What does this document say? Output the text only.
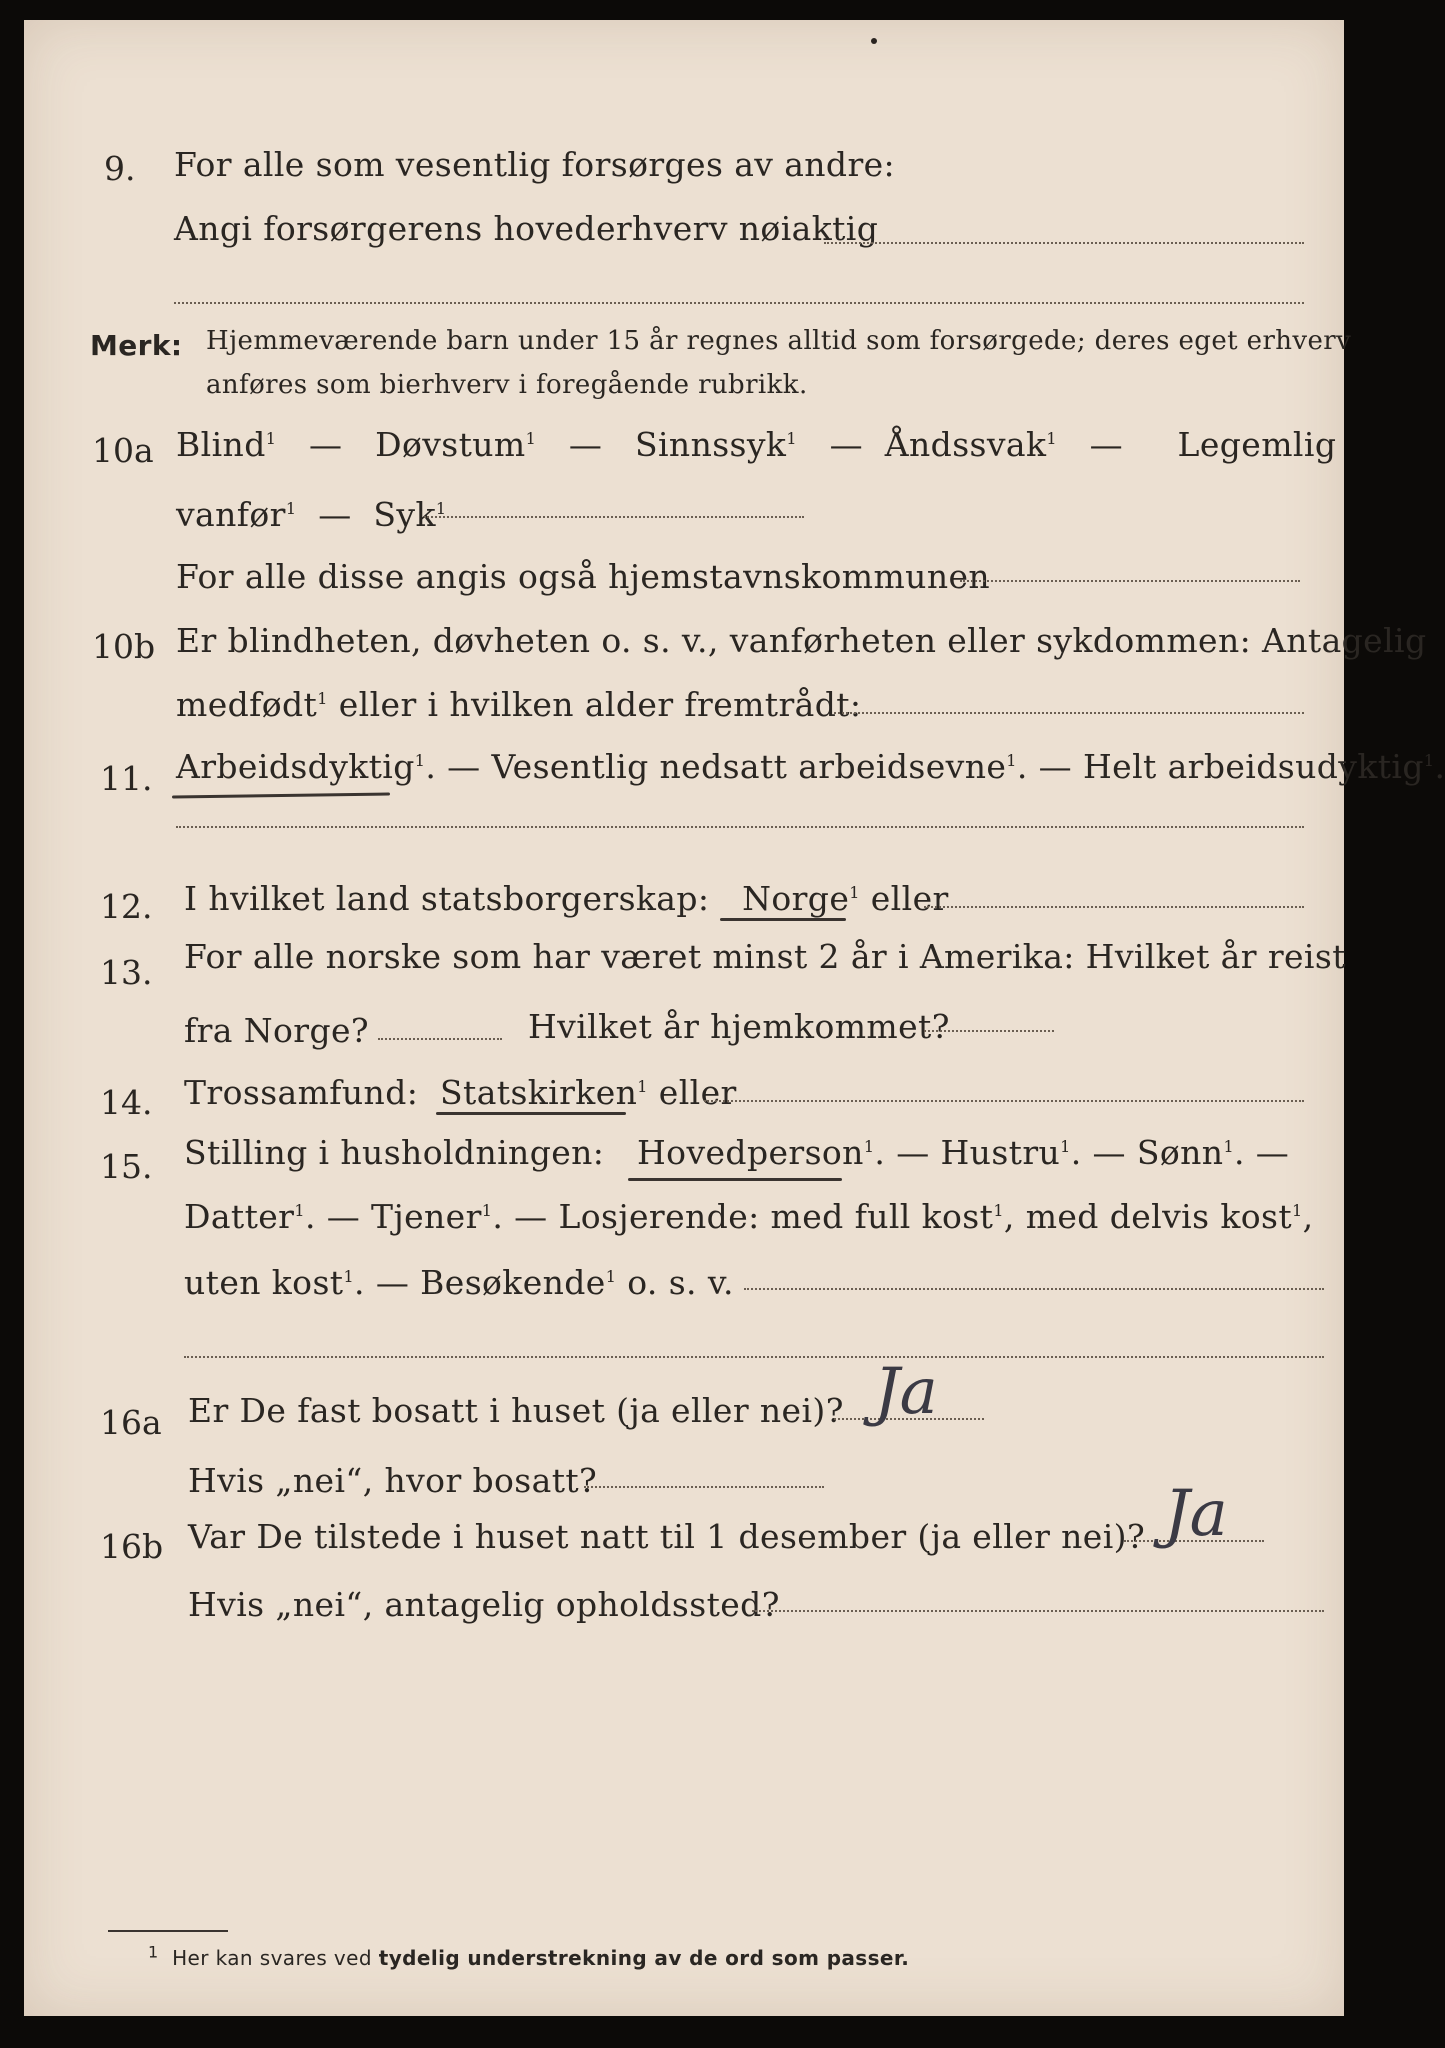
9. For alle som vesentlig forsørges av andre:
Angi forsørgerens hovederhverv nøiaktig
Merk: Hjemmeværende barn under 15 år regnes alltid som forsørgede; deres eget erhverv
anføres som bierhverv i foregående rubrikk.
10a Blind$^1$   —   Døvstum$^1$   —   Sinnssyk$^1$   —  Åndssvak$^1$   —     Legemlig
vanfør$^1$  —  Syk$^1$
For alle disse angis også hjemstavnskommunen
10b Er blindheten, døvheten o. s. v., vanførheten eller sykdommen: Antagelig
medfødt$^1$ eller i hvilken alder fremtrådt:
11. Arbeidsdyktig$^1$. — Vesentlig nedsatt arbeidsevne$^1$. — Helt arbeidsudyktig$^1$.
12. I hvilket land statsborgerskap: Norge$^1$ eller
13. For alle norske som har været minst 2 år i Amerika: Hvilket år reist
fra Norge?	Hvilket år hjemkommet?
14. Trossamfund: Statskirken$^1$ eller
15. Stilling i husholdningen: Hovedperson$^1$. — Hustru$^1$. — Sønn$^1$. —
Datter$^1$. — Tjener$^1$. — Losjerende: med full kost$^1$, med delvis kost$^1$,
uten kost$^1$. — Besøkende$^1$ o. s. v.
16a Er De fast bosatt i huset (ja eller nei)? Ja
Hvis „nei“, hvor bosatt?
16b Var De tilstede i huset natt til 1 desember (ja eller nei)? Ja
Hvis „nei“, antagelig opholdssted?
$^1$ Her kan svares ved tydelig understrekning av de ord som passer.
